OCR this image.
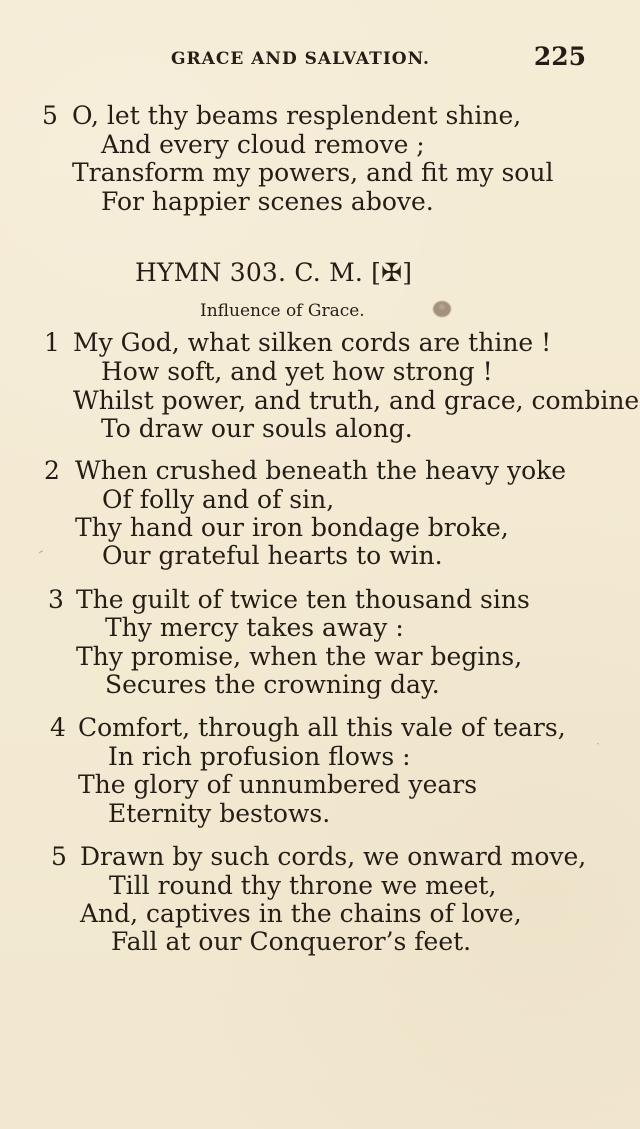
GRACE AND SALVATION.	225
5 O, let thy beams resplendent shine,
And every cloud remove ;
Transform my powers, and fit my soul
For happier scenes above.
HYMN 303. C. M. [✠]
Influence of Grace.
1 My God, what silken cords are thine !
How soft, and yet how strong !
Whilst power, and truth, and grace, combine
To draw our souls along.
2 When crushed beneath the heavy yoke
Of folly and of sin,
Thy hand our iron bondage broke,
Our grateful hearts to win.
3 The guilt of twice ten thousand sins
Thy mercy takes away :
Thy promise, when the war begins,
Secures the crowning day.
4 Comfort, through all this vale of tears,
In rich profusion flows :
The glory of unnumbered years
Eternity bestows.
5 Drawn by such cords, we onward move,
Till round thy throne we meet,
And, captives in the chains of love,
Fall at our Conqueror’s feet.
´
·
